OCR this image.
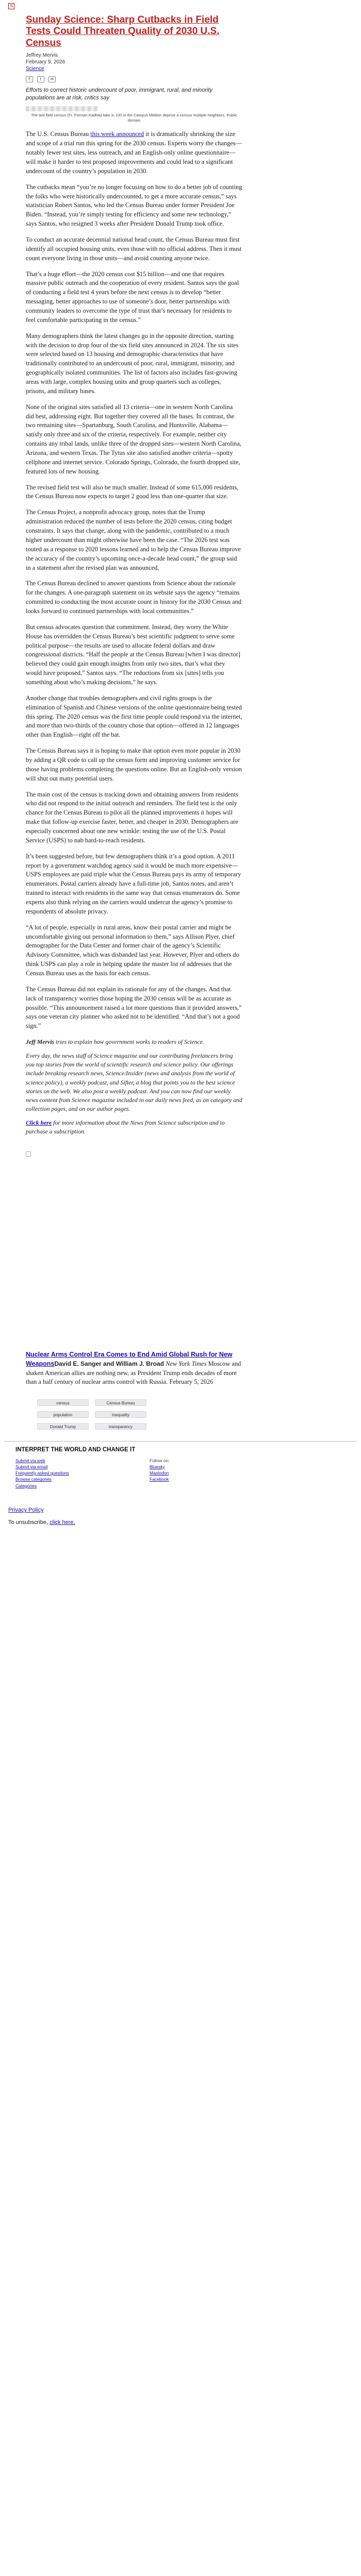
S
Sunday Science: Sharp Cutbacks in Field Tests Could Threaten Quality of 2030 U.S. Census
Jeffrey Mervis
February 9, 2026
Science
f	t	✉

Efforts to correct historic undercount of poor, immigrant, rural, and minority populations are at risk, critics say

The last field census (Fr. Forman Kadhla) take in 100 in the Campus Mekker deprive a census multiple neighbors. Public domain

The U.S. Census Bureau this week announced it is dramatically shrinking the size and scope of a trial run this spring for the 2030 census. Experts worry the changes—notably fewer test sites, less outreach, and an English-only online questionnaire—will make it harder to test proposed improvements and could lead to a significant undercount of the country’s population in 2030.

The cutbacks mean “you’re no longer focusing on how to do a better job of counting the folks who were historically undercounted, to get a more accurate census,” says statistician Robert Santos, who led the Census Bureau under former President Joe Biden. “Instead, you’re simply testing for efficiency and some new technology,” says Santos, who resigned 3 weeks after President Donald Trump took office.

To conduct an accurate decennial national head count, the Census Bureau must first identify all occupied housing units, even those with no official address. Then it must count everyone living in those units—and avoid counting anyone twice.

That’s a huge effort—the 2020 census cost $15 billion—and one that requires massive public outreach and the cooperation of every resident. Santos says the goal of conducting a field test 4 years before the next census is to develop “better messaging, better approaches to use of someone’s door, better partnerships with community leaders to overcome the type of trust that’s necessary for residents to feel comfortable participating in the census.”

Many demographers think the latest changes go in the opposite direction, starting with the decision to drop four of the six field sites announced in 2024. The six sites were selected based on 13 housing and demographic characteristics that have traditionally contributed to an undercount of poor, rural, immigrant, minority, and geographically isolated communities. The list of factors also includes fast-growing areas with large, complex housing units and group quarters such as colleges, prisons, and military bases.

None of the original sites satisfied all 13 criteria—one in western North Carolina did best, addressing eight. But together they covered all the bases. In contrast, the two remaining sites—Spartanburg, South Carolina, and Huntsville, Alabama—satisfy only three and six of the criteria, respectively. For example, neither city contains any tribal lands, unlike three of the dropped sites—western North Carolina, Arizona, and western Texas. The Tytus site also satisfied another criteria—spotty cellphone and internet service. Colorado Springs, Colorado, the fourth dropped site, featured lots of new housing.

The revised field test will also be much smaller. Instead of some 615,000 residents, the Census Bureau now expects to target 2 good less than one-quarter that size.

The Census Project, a nonprofit advocacy group, notes that the Trump administration reduced the number of tests before the 2020 census, citing budget constraints. It says that change, along with the pandemic, contributed to a much higher undercount than might otherwise have been the case. “The 2026 test was touted as a response to 2020 lessons learned and to help the Census Bureau improve the accuracy of the country’s upcoming once-a-decade head count,” the group said in a statement after the revised plan was announced.

The Census Bureau declined to answer questions from Science about the rationale for the changes. A one-paragraph statement on its website says the agency “remains committed to conducting the most accurate count in history for the 2030 Census and looks forward to continued partnerships with local communities.”

But census advocates question that commitment. Instead, they worry the White House has overridden the Census Bureau’s best scientific judgment to serve some political purpose—the results are used to allocate federal dollars and draw congressional districts. “Half the people at the Census Bureau [when I was director] believed they could gain enough insights from only two sites, that’s what they would have proposed,” Santos says. “The reductions from six [sites] tells you something about who’s making decisions,” he says.

Another change that troubles demographers and civil rights groups is the elimination of Spanish and Chinese versions of the online questionnaire being tested this spring. The 2020 census was the first time people could respond via the internet, and more than two-thirds of the country chose that option—offered in 12 languages other than English—right off the bat.

The Census Bureau says it is hoping to make that option even more popular in 2030 by adding a QR code to call up the census form and improving customer service for those having problems completing the questions online. But an English-only version will shut out many potential users.

The main cost of the census is tracking down and obtaining answers from residents who did not respond to the initial outreach and reminders. The field test is the only chance for the Census Bureau to pilot all the planned improvements it hopes will make that follow-up exercise faster, better, and cheaper in 2030. Demographers are especially concerned about one new wrinkle: testing the use of the U.S. Postal Service (USPS) to nab hard-to-reach residents.

It’s been suggested before, but few demographers think it’s a good option. A 2011 report by a government watchdog agency said it would be much more expensive—USPS employees are paid triple what the Census Bureau pays its army of temporary enumerators. Postal carriers already have a full-time job, Santos notes, and aren’t trained to interact with residents in the same way that census enumerators do. Some experts also think relying on the carriers would undercut the agency’s promise to respondents of absolute privacy.

“A lot of people, especially in rural areas, know their postal carrier and might be uncomfortable giving out personal information to them,” says Allison Plyer, chief demographer for the Data Center and former chair of the agency’s Scientific Advisory Committee, which was disbanded last year. However, Plyer and others do think USPS can play a role in helping update the master list of addresses that the Census Bureau uses as the basis for each census.

The Census Bureau did not explain its rationale for any of the changes. And that lack of transparency worries those hoping the 2030 census will be as accurate as possible. “This announcement raised a lot more questions than it provided answers,” says one veteran city planner who asked not to be identified. “And that’s not a good sign.”

Jeff Mervis tries to explain how government works to readers of Science.

Every day, the news staff of Science magazine and our contributing freelancers bring you top stories from the world of scientific research and science policy. Our offerings include breaking research news, Science/Insider (news and analysis from the world of science policy), a weekly podcast, and Sifter, a blog that points you to the best science stories on the web. We also post a weekly podcast. And you can now find our weekly news content from Science magazine included in our daily news feed, as on category and collection pages, and on our author pages.

Click here for more information about the News from Science subscription and to purchase a subscription.

Nuclear Arms Control Era Comes to End Amid Global Rush for New WeaponsDavid E. Sanger and William J. Broad New York Times Moscow and shaken American allies are nothing new, as President Trump ends decades of more than a half century of nuclear arms control with Russia. February 5, 2026
census	Census Bureau
population	inequality
Donald Trump	transparency
INTERPRET THE WORLD AND CHANGE IT
Submit via web
Submit via email
Frequently asked questions
Browse categories
Categories
Follow on:
Bluesky
Mastodon
Facebook
Privacy Policy
To unsubscribe, click here.
